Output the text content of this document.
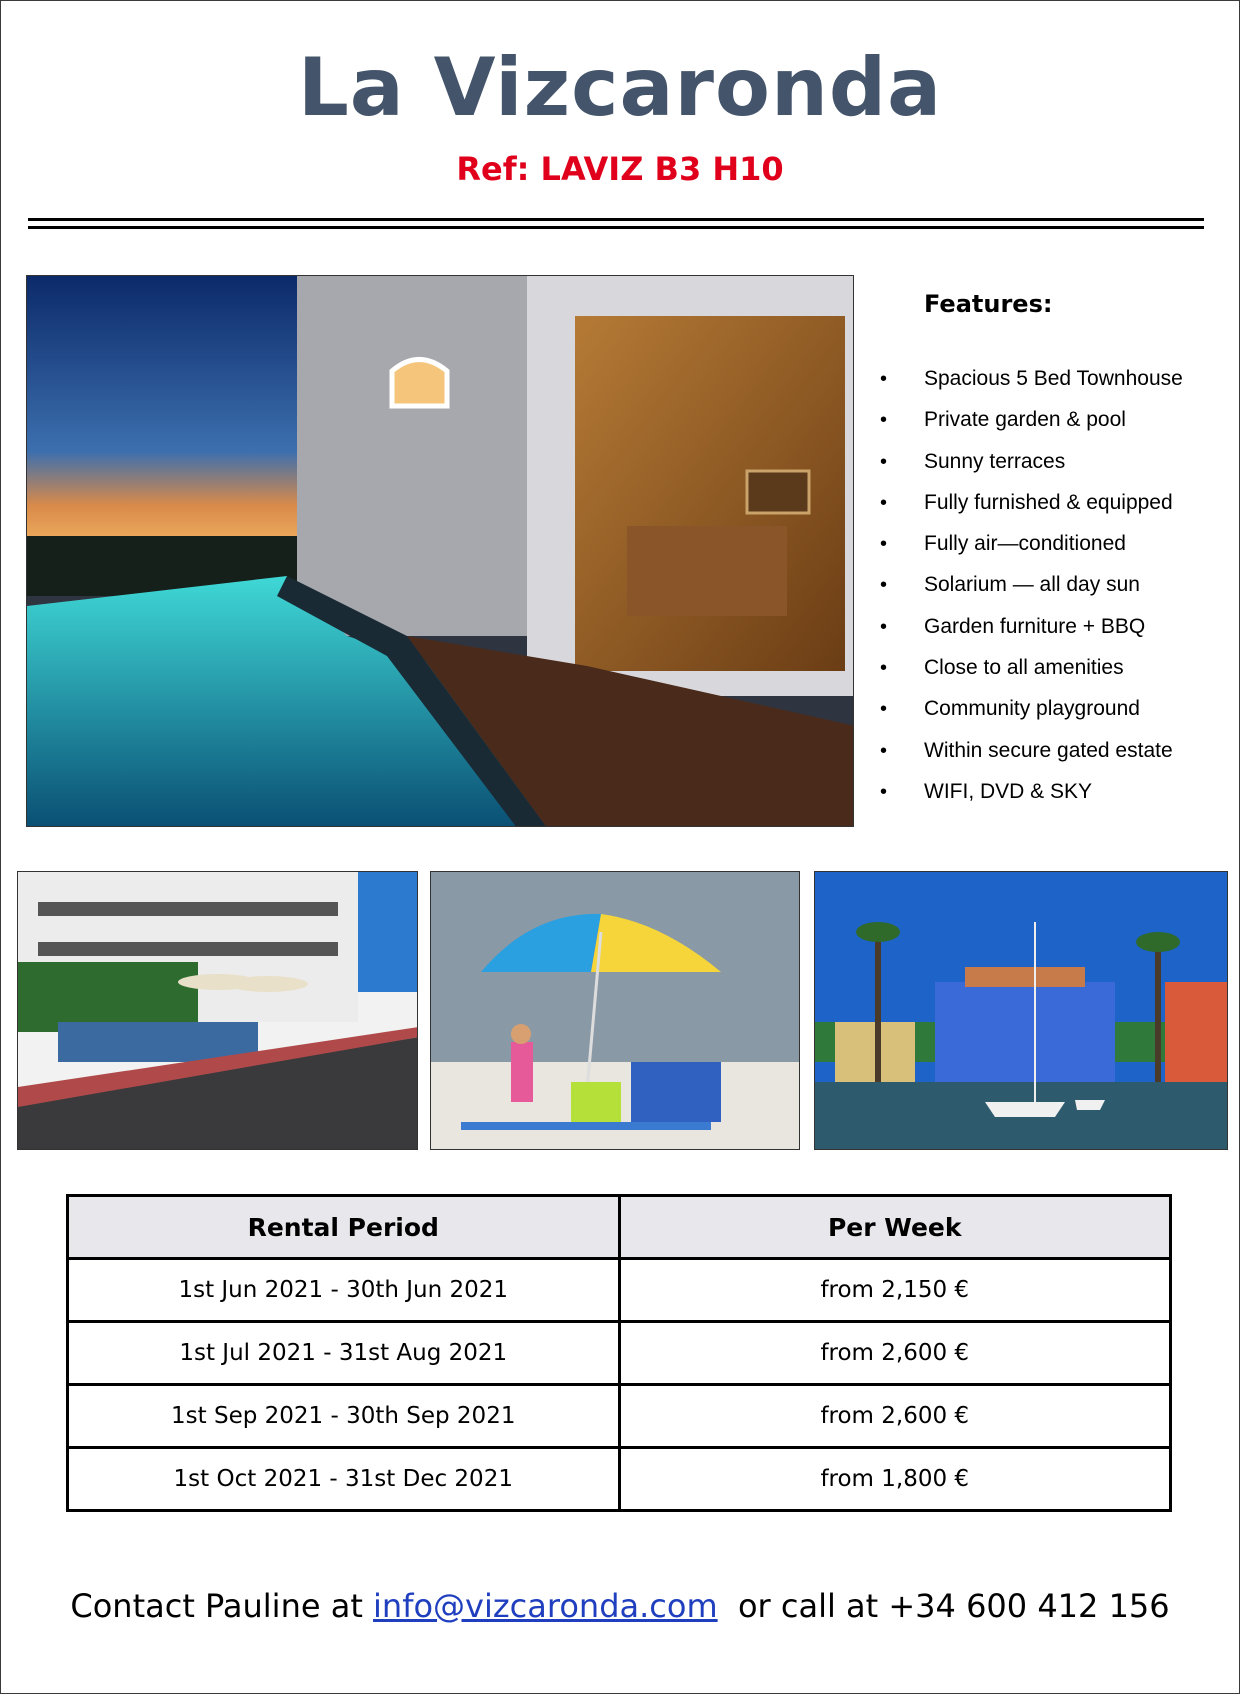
La Vizcaronda
Ref: LAVIZ B3 H10
Features:
• Spacious 5 Bed Townhouse
• Private garden & pool
• Sunny terraces
• Fully furnished & equipped
• Fully air—conditioned
• Solarium — all day sun
• Garden furniture + BBQ
• Close to all amenities
• Community playground
• Within secure gated estate
• WIFI, DVD & SKY
Rental Period	Per Week
1st Jun 2021 - 30th Jun 2021	from 2,150 €
1st Jul 2021 - 31st Aug 2021	from 2,600 €
1st Sep 2021 - 30th Sep 2021	from 2,600 €
1st Oct 2021 - 31st Dec 2021	from 1,800 €
Contact Pauline at info@vizcaronda.com  or call at +34 600 412 156
